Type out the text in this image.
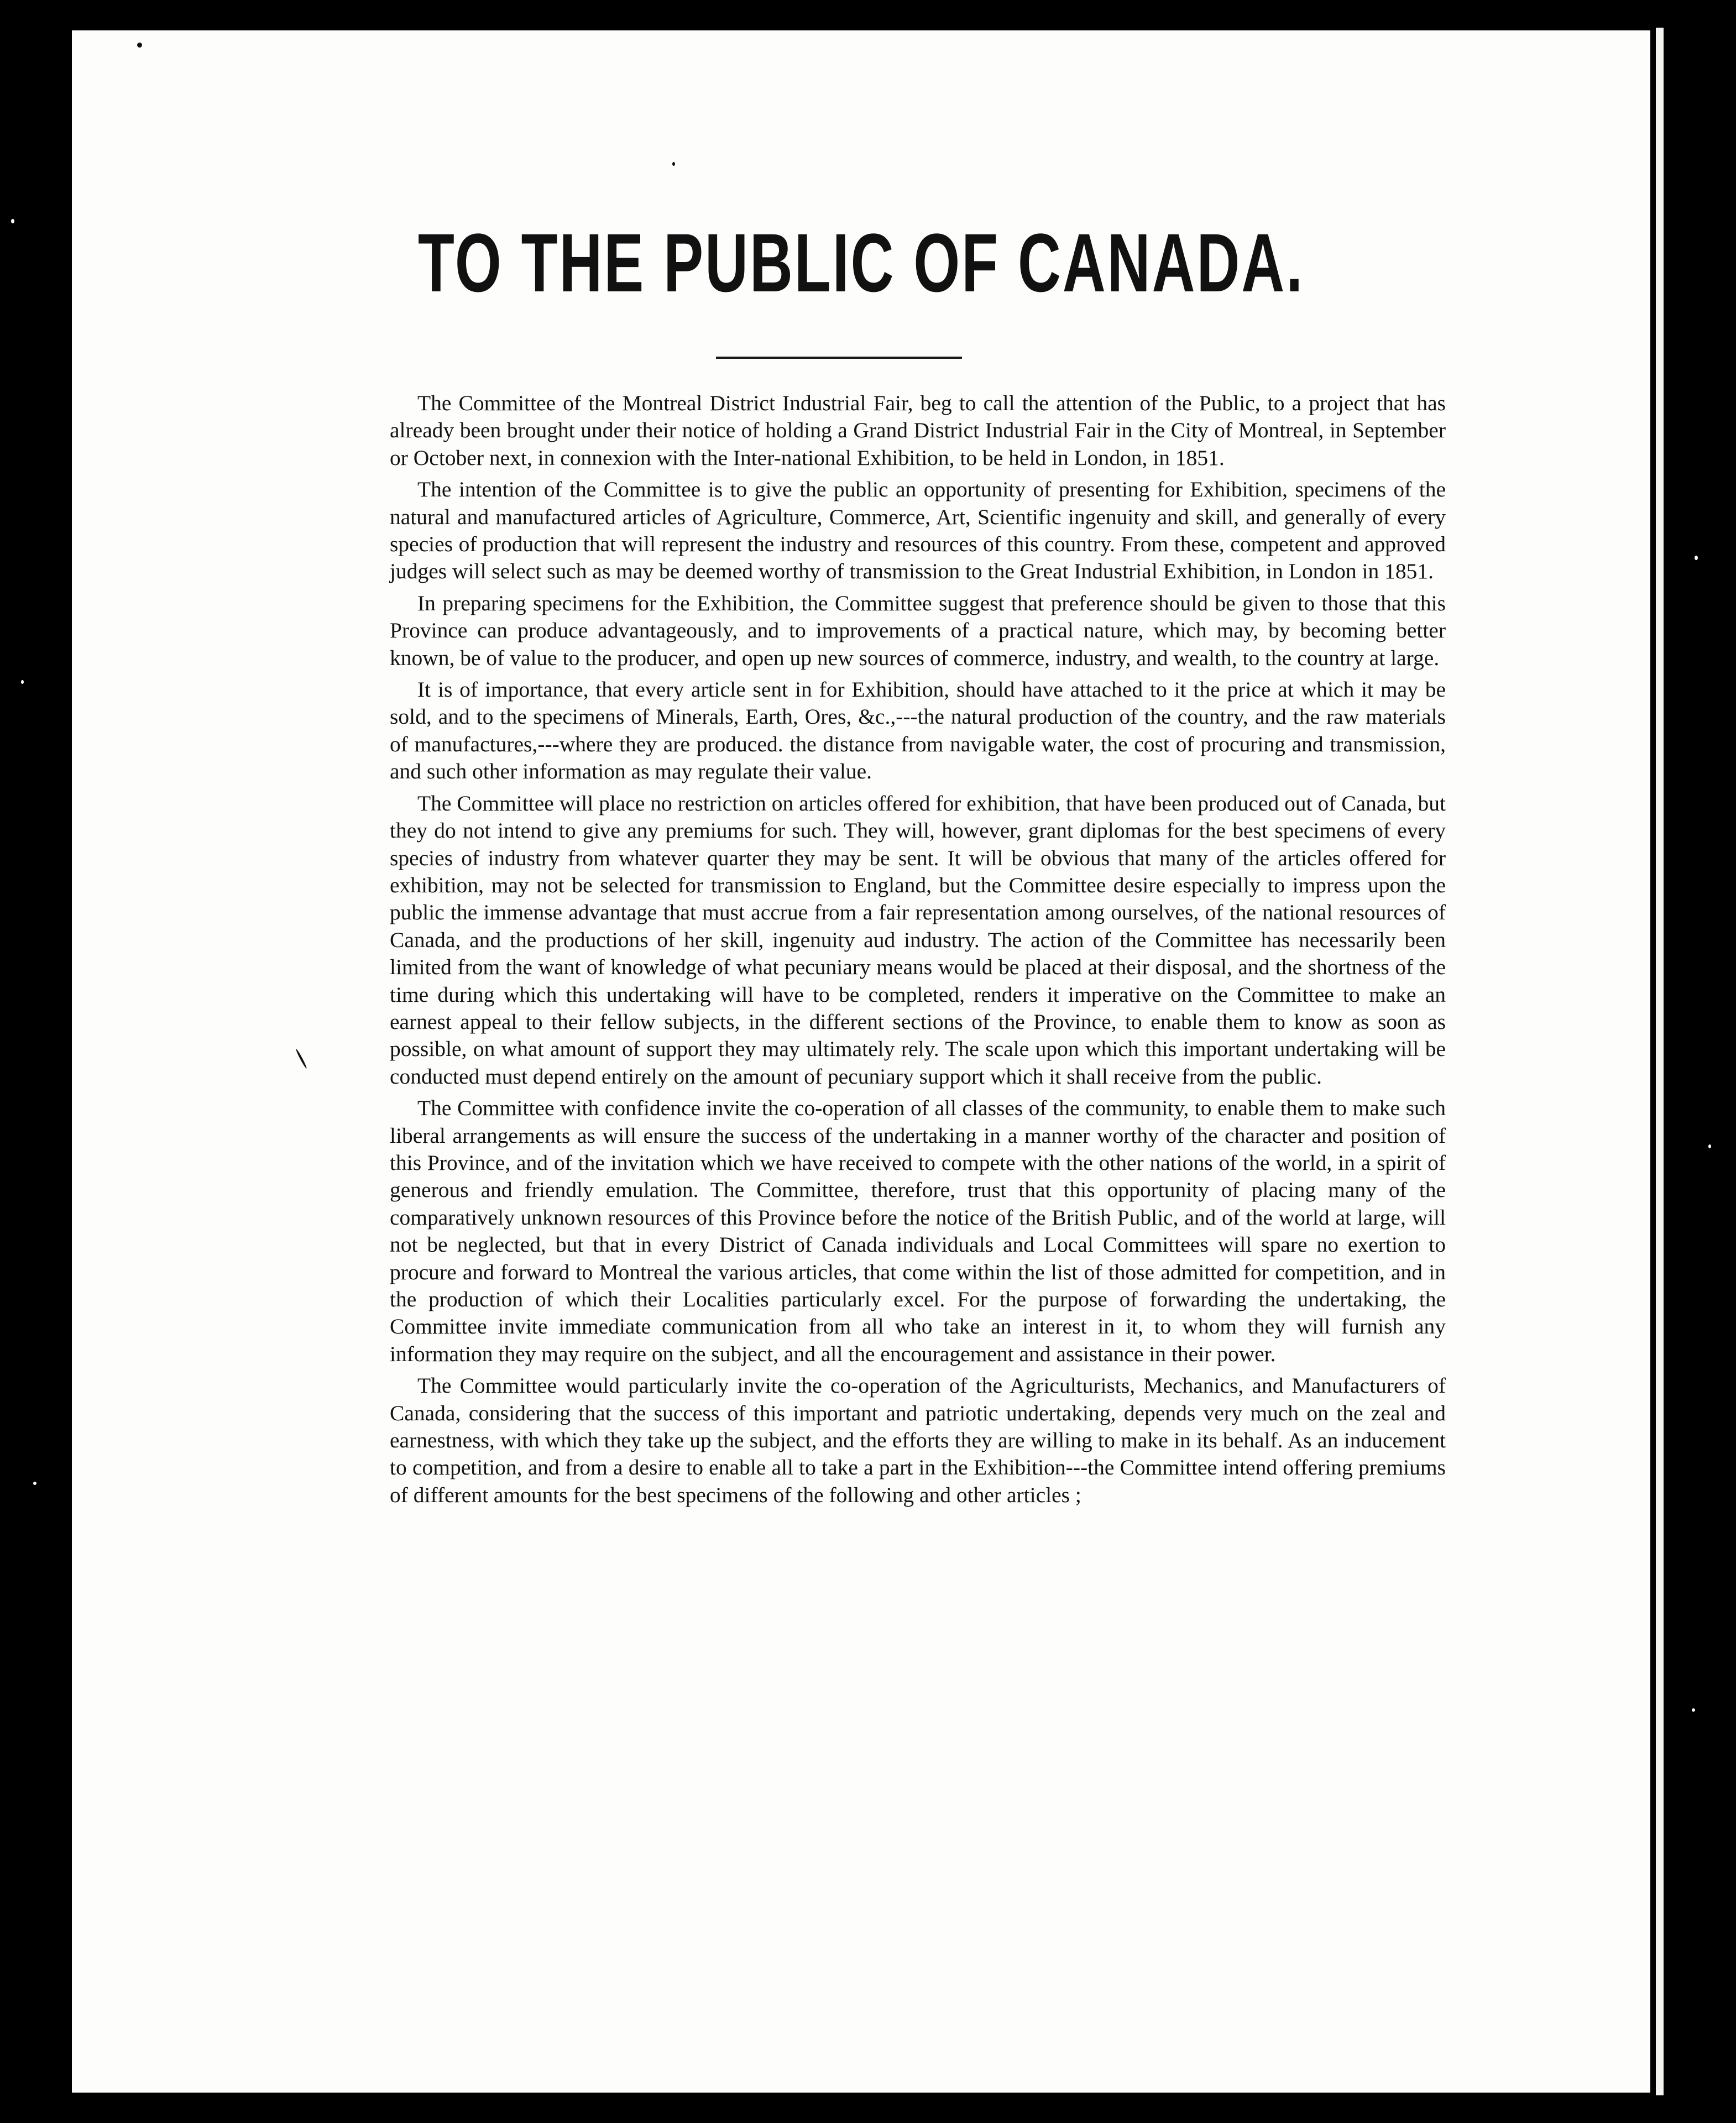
TO THE PUBLIC OF CANADA.

The Committee of the Montreal District Industrial Fair, beg to call the attention of the Public, to a project that has already been brought under their notice of holding a Grand District Industrial Fair in the City of Montreal, in September or October next, in connexion with the Inter-national Exhibition, to be held in London, in 1851.

The intention of the Committee is to give the public an opportunity of presenting for Exhibition, specimens of the natural and manufactured articles of Agriculture, Commerce, Art, Scientific ingenuity and skill, and generally of every species of production that will represent the industry and resources of this country. From these, competent and approved judges will select such as may be deemed worthy of transmission to the Great Industrial Exhibition, in London in 1851.

In preparing specimens for the Exhibition, the Committee suggest that preference should be given to those that this Province can produce advantageously, and to improvements of a practical nature, which may, by becoming better known, be of value to the producer, and open up new sources of commerce, industry, and wealth, to the country at large.

It is of importance, that every article sent in for Exhibition, should have attached to it the price at which it may be sold, and to the specimens of Minerals, Earth, Ores, &c.,---the natural production of the country, and the raw materials of manufactures,---where they are produced. the distance from navigable water, the cost of procuring and transmission, and such other information as may regulate their value.

The Committee will place no restriction on articles offered for exhibition, that have been produced out of Canada, but they do not intend to give any premiums for such. They will, however, grant diplomas for the best specimens of every species of industry from whatever quarter they may be sent. It will be obvious that many of the articles offered for exhibition, may not be selected for transmission to England, but the Committee desire especially to impress upon the public the immense advantage that must accrue from a fair representation among ourselves, of the national resources of Canada, and the productions of her skill, ingenuity aud industry. The action of the Committee has necessarily been limited from the want of knowledge of what pecuniary means would be placed at their disposal, and the shortness of the time during which this undertaking will have to be completed, renders it imperative on the Committee to make an earnest appeal to their fellow subjects, in the different sections of the Province, to enable them to know as soon as possible, on what amount of support they may ultimately rely. The scale upon which this important undertaking will be conducted must depend entirely on the amount of pecuniary support which it shall receive from the public.

The Committee with confidence invite the co-operation of all classes of the community, to enable them to make such liberal arrangements as will ensure the success of the undertaking in a manner worthy of the character and position of this Province, and of the invitation which we have received to compete with the other nations of the world, in a spirit of generous and friendly emulation. The Committee, therefore, trust that this opportunity of placing many of the comparatively unknown resources of this Province before the notice of the British Public, and of the world at large, will not be neglected, but that in every District of Canada individuals and Local Committees will spare no exertion to procure and forward to Montreal the various articles, that come within the list of those admitted for competition, and in the production of which their Localities particularly excel. For the purpose of forwarding the undertaking, the Committee invite immediate communication from all who take an interest in it, to whom they will furnish any information they may require on the subject, and all the encouragement and assistance in their power.

The Committee would particularly invite the co-operation of the Agriculturists, Mechanics, and Manufacturers of Canada, considering that the success of this important and patriotic undertaking, depends very much on the zeal and earnestness, with which they take up the subject, and the efforts they are willing to make in its behalf. As an inducement to competition, and from a desire to enable all to take a part in the Exhibition---the Committee intend offering premiums of different amounts for the best specimens of the following and other articles ;
